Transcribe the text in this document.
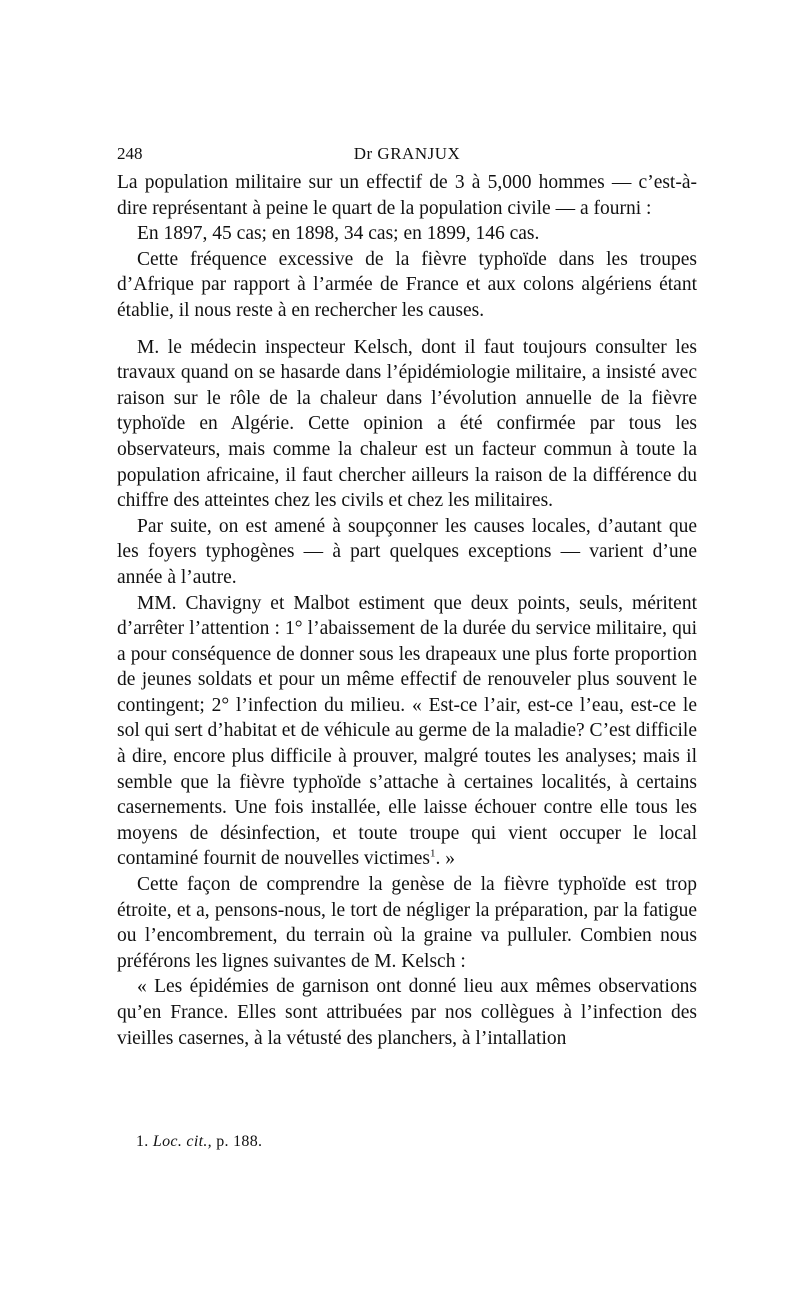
248	Dr GRANJUX

La population militaire sur un effectif de 3 à 5,000 hommes — c’est-à-dire représentant à peine le quart de la population civile — a fourni :

En 1897, 45 cas; en 1898, 34 cas; en 1899, 146 cas.

Cette fréquence excessive de la fièvre typhoïde dans les troupes d’Afrique par rapport à l’armée de France et aux colons algériens étant établie, il nous reste à en rechercher les causes.

M. le médecin inspecteur Kelsch, dont il faut toujours consulter les travaux quand on se hasarde dans l’épidémiologie militaire, a insisté avec raison sur le rôle de la chaleur dans l’évolution annuelle de la fièvre typhoïde en Algérie. Cette opinion a été confirmée par tous les observateurs, mais comme la chaleur est un facteur commun à toute la population africaine, il faut chercher ailleurs la raison de la différence du chiffre des atteintes chez les civils et chez les militaires.

Par suite, on est amené à soupçonner les causes locales, d’autant que les foyers typhogènes — à part quelques exceptions — varient d’une année à l’autre.

MM. Chavigny et Malbot estiment que deux points, seuls, méritent d’arrêter l’attention : 1° l’abaissement de la durée du service militaire, qui a pour conséquence de donner sous les drapeaux une plus forte proportion de jeunes soldats et pour un même effectif de renouveler plus souvent le contingent; 2° l’infection du milieu. « Est-ce l’air, est-ce l’eau, est-ce le sol qui sert d’habitat et de véhicule au germe de la maladie? C’est difficile à dire, encore plus difficile à prouver, malgré toutes les analyses; mais il semble que la fièvre typhoïde s’attache à certaines localités, à certains casernements. Une fois installée, elle laisse échouer contre elle tous les moyens de désinfection, et toute troupe qui vient occuper le local contaminé fournit de nouvelles victimes$^1$. »

Cette façon de comprendre la genèse de la fièvre typhoïde est trop étroite, et a, pensons-nous, le tort de négliger la préparation, par la fatigue ou l’encombrement, du terrain où la graine va pulluler. Combien nous préférons les lignes suivantes de M. Kelsch :

« Les épidémies de garnison ont donné lieu aux mêmes observations qu’en France. Elles sont attribuées par nos collègues à l’infection des vieilles casernes, à la vétusté des planchers, à l’intallation

1. Loc. cit., p. 188.
